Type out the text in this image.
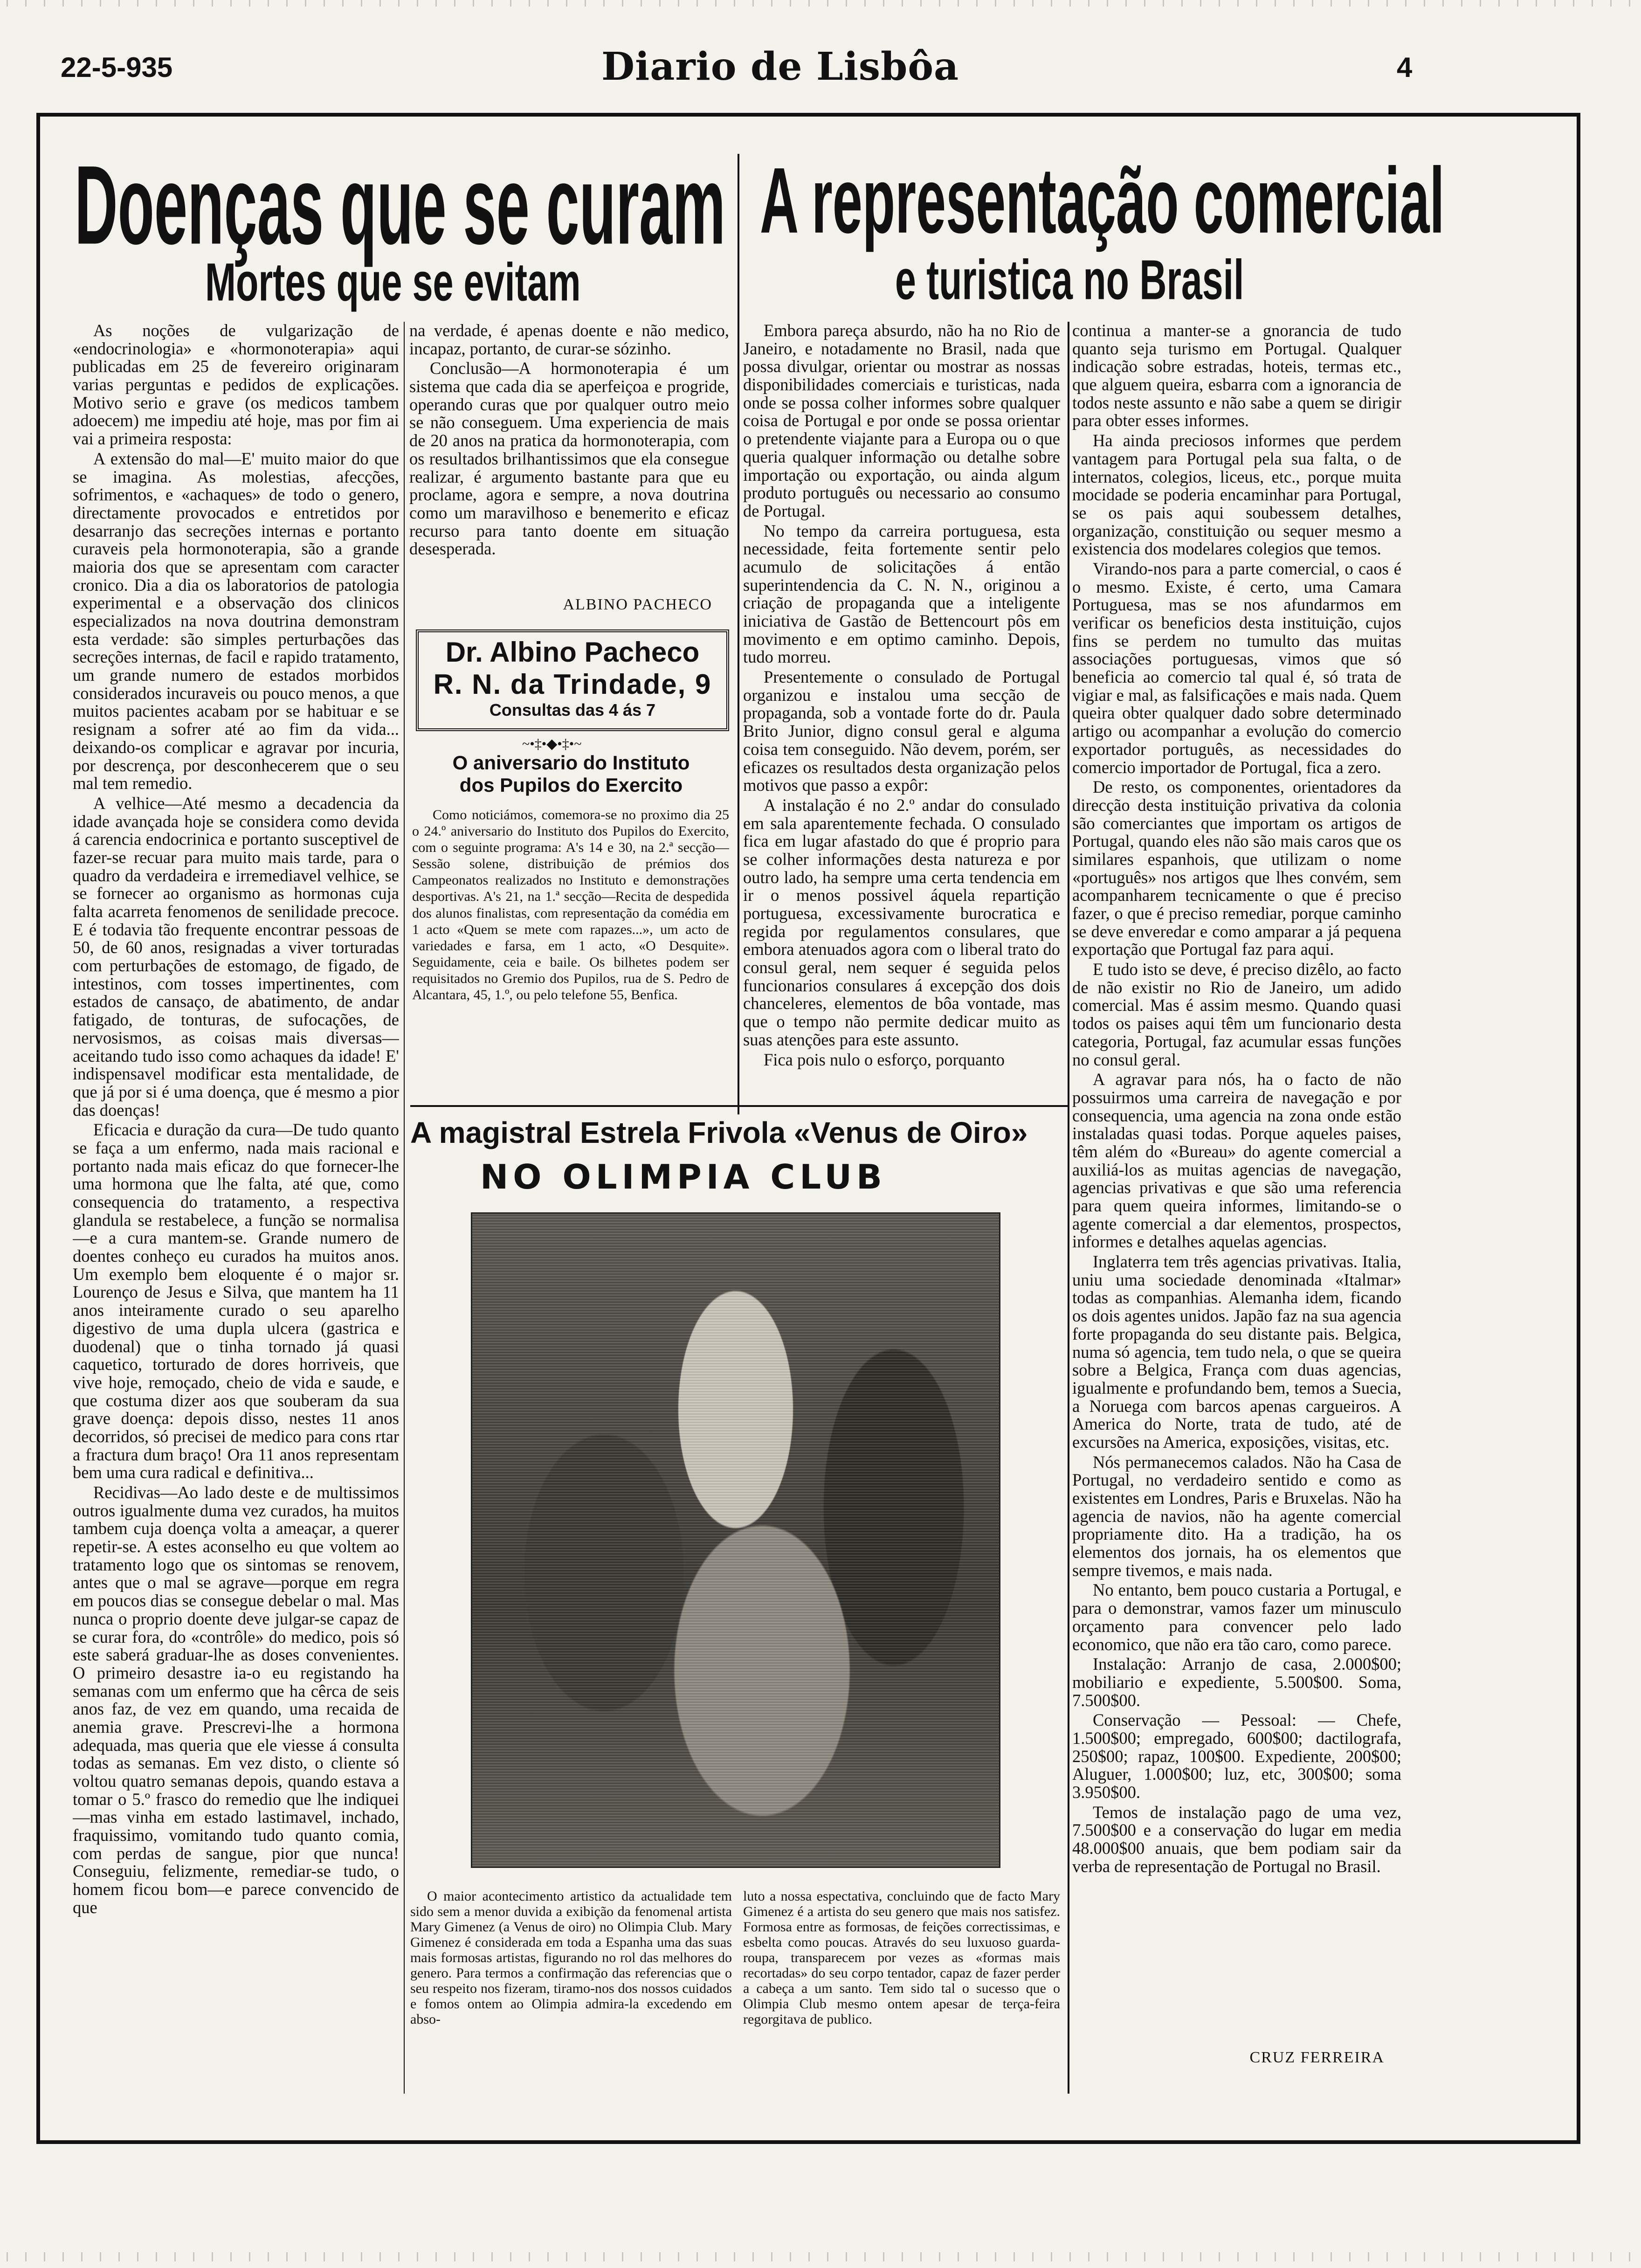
22-5-935	Diario de Lisbôa	4
Doenças que se curam
Mortes que se evitam
A representação comercial
e turistica no Brasil

As noções de vulgarização de «endocrinologia» e «hormonoterapia» aqui publicadas em 25 de fevereiro originaram varias perguntas e pedidos de explicações. Motivo serio e grave (os medicos tambem adoecem) me impediu até hoje, mas por fim ai vai a primeira resposta:

A extensão do mal—E' muito maior do que se imagina. As molestias, afecções, sofrimentos, e «achaques» de todo o genero, directamente provocados e entretidos por desarranjo das secreções internas e portanto curaveis pela hormonoterapia, são a grande maioria dos que se apresentam com caracter cronico. Dia a dia os laboratorios de patologia experimental e a observação dos clinicos especializados na nova doutrina demonstram esta verdade: são simples perturbações das secreções internas, de facil e rapido tratamento, um grande numero de estados morbidos considerados incuraveis ou pouco menos, a que muitos pacientes acabam por se habituar e se resignam a sofrer até ao fim da vida... deixando-os complicar e agravar por incuria, por descrença, por desconhecerem que o seu mal tem remedio.

A velhice—Até mesmo a decadencia da idade avançada hoje se considera como devida á carencia endocrinica e portanto susceptivel de fazer-se recuar para muito mais tarde, para o quadro da verdadeira e irremediavel velhice, se se fornecer ao organismo as hormonas cuja falta acarreta fenomenos de senilidade precoce. E é todavia tão frequente encontrar pessoas de 50, de 60 anos, resignadas a viver torturadas com perturbações de estomago, de figado, de intestinos, com tosses impertinentes, com estados de cansaço, de abatimento, de andar fatigado, de tonturas, de sufocações, de nervosismos, as coisas mais diversas—aceitando tudo isso como achaques da idade! E' indispensavel modificar esta mentalidade, de que já por si é uma doença, que é mesmo a pior das doenças!

Eficacia e duração da cura—De tudo quanto se faça a um enfermo, nada mais racional e portanto nada mais eficaz do que fornecer-lhe uma hormona que lhe falta, até que, como consequencia do tratamento, a respectiva glandula se restabelece, a função se normalisa—e a cura mantem-se. Grande numero de doentes conheço eu curados ha muitos anos. Um exemplo bem eloquente é o major sr. Lourenço de Jesus e Silva, que mantem ha 11 anos inteiramente curado o seu aparelho digestivo de uma dupla ulcera (gastrica e duodenal) que o tinha tornado já quasi caquetico, torturado de dores horriveis, que vive hoje, remoçado, cheio de vida e saude, e que costuma dizer aos que souberam da sua grave doença: depois disso, nestes 11 anos decorridos, só precisei de medico para cons rtar a fractura dum braço! Ora 11 anos representam bem uma cura radical e definitiva...

Recidivas—Ao lado deste e de multissimos outros igualmente duma vez curados, ha muitos tambem cuja doença volta a ameaçar, a querer repetir-se. A estes aconselho eu que voltem ao tratamento logo que os sintomas se renovem, antes que o mal se agrave—porque em regra em poucos dias se consegue debelar o mal. Mas nunca o proprio doente deve julgar-se capaz de se curar fora, do «contrôle» do medico, pois só este saberá graduar-lhe as doses convenientes. O primeiro desastre ia-o eu registando ha semanas com um enfermo que ha cêrca de seis anos faz, de vez em quando, uma recaida de anemia grave. Prescrevi-lhe a hormona adequada, mas queria que ele viesse á consulta todas as semanas. Em vez disto, o cliente só voltou quatro semanas depois, quando estava a tomar o 5.º frasco do remedio que lhe indiquei—mas vinha em estado lastimavel, inchado, fraquissimo, vomitando tudo quanto comia, com perdas de sangue, pior que nunca! Conseguiu, felizmente, remediar-se tudo, o homem ficou bom—e parece convencido de que

na verdade, é apenas doente e não medico, incapaz, portanto, de curar-se sózinho.

Conclusão—A hormonoterapia é um sistema que cada dia se aperfeiçoa e progride, operando curas que por qualquer outro meio se não conseguem. Uma experiencia de mais de 20 anos na pratica da hormonoterapia, com os resultados brilhantissimos que ela consegue realizar, é argumento bastante para que eu proclame, agora e sempre, a nova doutrina como um maravilhoso e benemerito e eficaz recurso para tanto doente em situação desesperada.

ALBINO PACHECO
Dr. Albino Pacheco
R. N. da Trindade, 9
Consultas das 4 ás 7
~•‡•◆•‡•~
O aniversario do Instituto
dos Pupilos do Exercito

Como noticiámos, comemora-se no proximo dia 25 o 24.º aniversario do Instituto dos Pupilos do Exercito, com o seguinte programa: A's 14 e 30, na 2.ª secção—Sessão solene, distribuição de prémios dos Campeonatos realizados no Instituto e demonstrações desportivas. A's 21, na 1.ª secção—Recita de despedida dos alunos finalistas, com representação da comédia em 1 acto «Quem se mete com rapazes...», um acto de variedades e farsa, em 1 acto, «O Desquite». Seguidamente, ceia e baile. Os bilhetes podem ser requisitados no Gremio dos Pupilos, rua de S. Pedro de Alcantara, 45, 1.º, ou pelo telefone 55, Benfica.

Embora pareça absurdo, não ha no Rio de Janeiro, e notadamente no Brasil, nada que possa divulgar, orientar ou mostrar as nossas disponibilidades comerciais e turisticas, nada onde se possa colher informes sobre qualquer coisa de Portugal e por onde se possa orientar o pretendente viajante para a Europa ou o que queria qualquer informação ou detalhe sobre importação ou exportação, ou ainda algum produto português ou necessario ao consumo de Portugal.

No tempo da carreira portuguesa, esta necessidade, feita fortemente sentir pelo acumulo de solicitações á então superintendencia da C. N. N., originou a criação de propaganda que a inteligente iniciativa de Gastão de Bettencourt pôs em movimento e em optimo caminho. Depois, tudo morreu.

Presentemente o consulado de Portugal organizou e instalou uma secção de propaganda, sob a vontade forte do dr. Paula Brito Junior, digno consul geral e alguma coisa tem conseguido. Não devem, porém, ser eficazes os resultados desta organização pelos motivos que passo a expôr:

A instalação é no 2.º andar do consulado em sala aparentemente fechada. O consulado fica em lugar afastado do que é proprio para se colher informações desta natureza e por outro lado, ha sempre uma certa tendencia em ir o menos possivel áquela repartição portuguesa, excessivamente burocratica e regida por regulamentos consulares, que embora atenuados agora com o liberal trato do consul geral, nem sequer é seguida pelos funcionarios consulares á excepção dos dois chanceleres, elementos de bôa vontade, mas que o tempo não permite dedicar muito as suas atenções para este assunto.

Fica pois nulo o esforço, porquanto

continua a manter-se a gnorancia de tudo quanto seja turismo em Portugal. Qualquer indicação sobre estradas, hoteis, termas etc., que alguem queira, esbarra com a ignorancia de todos neste assunto e não sabe a quem se dirigir para obter esses informes.

Ha ainda preciosos informes que perdem vantagem para Portugal pela sua falta, o de internatos, colegios, liceus, etc., porque muita mocidade se poderia encaminhar para Portugal, se os pais aqui soubessem detalhes, organização, constituição ou sequer mesmo a existencia dos modelares colegios que temos.

Virando-nos para a parte comercial, o caos é o mesmo. Existe, é certo, uma Camara Portuguesa, mas se nos afundarmos em verificar os beneficios desta instituição, cujos fins se perdem no tumulto das muitas associações portuguesas, vimos que só beneficia ao comercio tal qual é, só trata de vigiar e mal, as falsificações e mais nada. Quem queira obter qualquer dado sobre determinado artigo ou acompanhar a evolução do comercio exportador português, as necessidades do comercio importador de Portugal, fica a zero.

De resto, os componentes, orientadores da direcção desta instituição privativa da colonia são comerciantes que importam os artigos de Portugal, quando eles não são mais caros que os similares espanhois, que utilizam o nome «português» nos artigos que lhes convém, sem acompanharem tecnicamente o que é preciso fazer, o que é preciso remediar, porque caminho se deve enveredar e como amparar a já pequena exportação que Portugal faz para aqui.

E tudo isto se deve, é preciso dizêlo, ao facto de não existir no Rio de Janeiro, um adido comercial. Mas é assim mesmo. Quando quasi todos os paises aqui têm um funcionario desta categoria, Portugal, faz acumular essas funções no consul geral.

A agravar para nós, ha o facto de não possuirmos uma carreira de navegação e por consequencia, uma agencia na zona onde estão instaladas quasi todas. Porque aqueles paises, têm além do «Bureau» do agente comercial a auxiliá-los as muitas agencias de navegação, agencias privativas e que são uma referencia para quem queira informes, limitando-se o agente comercial a dar elementos, prospectos, informes e detalhes aquelas agencias.

Inglaterra tem três agencias privativas. Italia, uniu uma sociedade denominada «Italmar» todas as companhias. Alemanha idem, ficando os dois agentes unidos. Japão faz na sua agencia forte propaganda do seu distante pais. Belgica, numa só agencia, tem tudo nela, o que se queira sobre a Belgica, França com duas agencias, igualmente e profundando bem, temos a Suecia, a Noruega com barcos apenas cargueiros. A America do Norte, trata de tudo, até de excursões na America, exposições, visitas, etc.

Nós permanecemos calados. Não ha Casa de Portugal, no verdadeiro sentido e como as existentes em Londres, Paris e Bruxelas. Não ha agencia de navios, não ha agente comercial propriamente dito. Ha a tradição, ha os elementos dos jornais, ha os elementos que sempre tivemos, e mais nada.

No entanto, bem pouco custaria a Portugal, e para o demonstrar, vamos fazer um minusculo orçamento para convencer pelo lado economico, que não era tão caro, como parece.

Instalação: Arranjo de casa, 2.000$00; mobiliario e expediente, 5.500$00. Soma, 7.500$00.

Conservação — Pessoal: — Chefe, 1.500$00; empregado, 600$00; dactilografa, 250$00; rapaz, 100$00. Expediente, 200$00; Aluguer, 1.000$00; luz, etc, 300$00; soma 3.950$00.

Temos de instalação pago de uma vez, 7.500$00 e a conservação do lugar em media 48.000$00 anuais, que bem podiam sair da verba de representação de Portugal no Brasil.

CRUZ FERREIRA
A magistral Estrela Frivola «Venus de Oiro»
NO OLIMPIA CLUB

O maior acontecimento artistico da actualidade tem sido sem a menor duvida a exibição da fenomenal artista Mary Gimenez (a Venus de oiro) no Olimpia Club. Mary Gimenez é considerada em toda a Espanha uma das suas mais formosas artistas, figurando no rol das melhores do genero. Para termos a confirmação das referencias que o seu respeito nos fizeram, tiramo-nos dos nossos cuidados e fomos ontem ao Olimpia admira-la excedendo em abso-

luto a nossa espectativa, concluindo que de facto Mary Gimenez é a artista do seu genero que mais nos satisfez. Formosa entre as formosas, de feições correctissimas, e esbelta como poucas. Através do seu luxuoso guarda-roupa, transparecem por vezes as «formas mais recortadas» do seu corpo tentador, capaz de fazer perder a cabeça a um santo. Tem sido tal o sucesso que o Olimpia Club mesmo ontem apesar de terça-feira regorgitava de publico.
